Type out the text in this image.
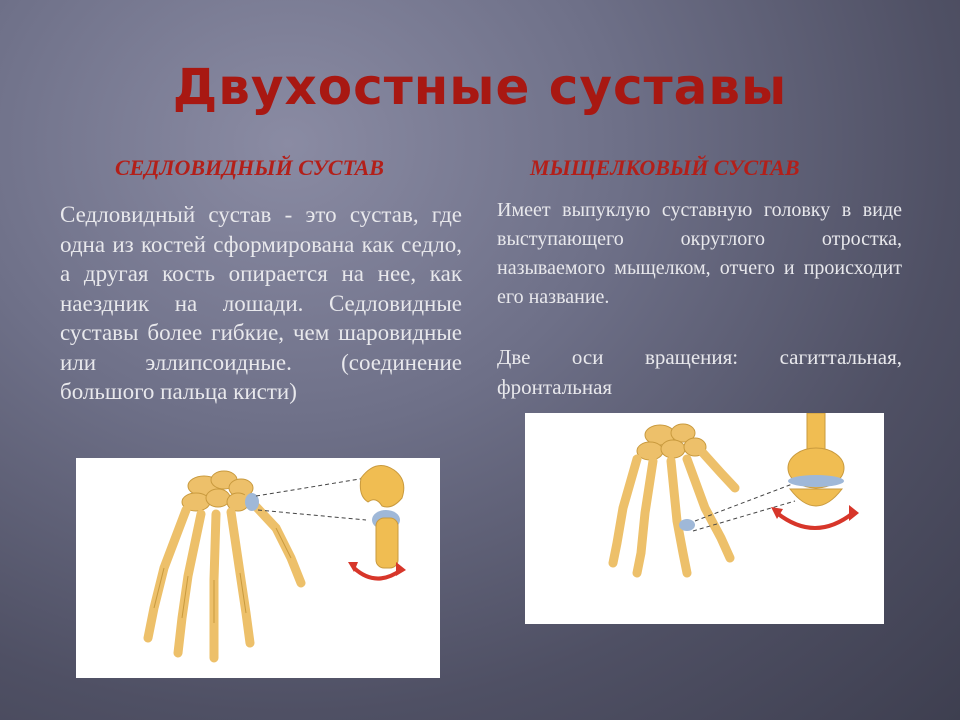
Двухостные суставы
СЕДЛОВИДНЫЙ СУСТАВ	МЫЩЕЛКОВЫЙ СУСТАВ

Седловидный сустав - это сустав, где одна из костей сформирована как седло, а другая кость опирается на нее, как наездник на лошади. Седловидные суставы более гибкие, чем шаровидные или эллипсоидные. (соединение большого пальца кисти)

Имеет выпуклую суставную головку в виде выступающего округлого отростка, называемого мыщелком, отчего и происходит его название.

Две оси вращения: сагиттальная, фронтальная
